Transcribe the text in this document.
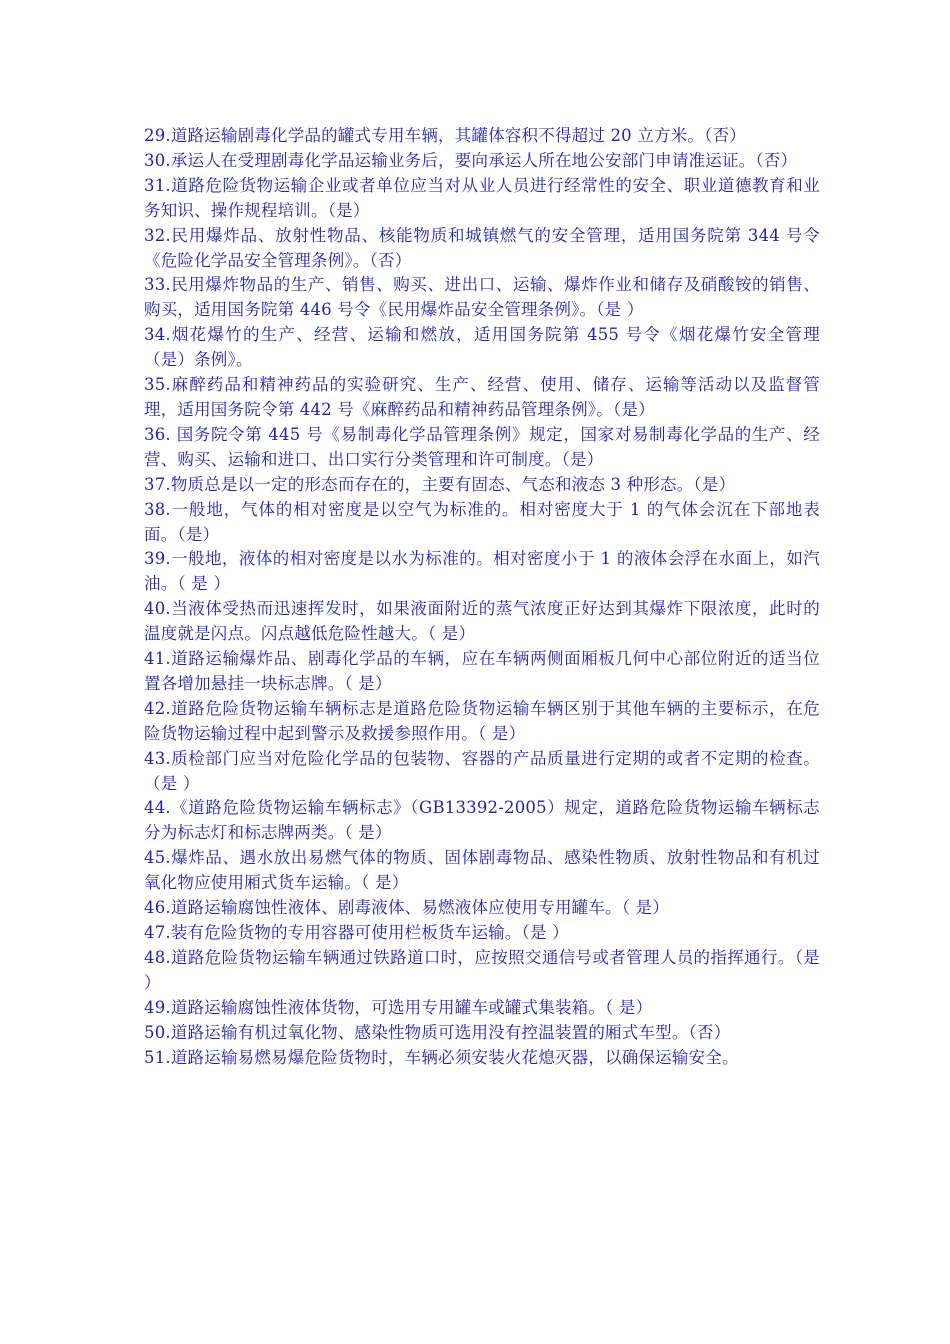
29.道路运输剧毒化学品的罐式专用车辆，其罐体容积不得超过 20 立方米。（否）

30.承运人在受理剧毒化学品运输业务后，要向承运人所在地公安部门申请准运证。（否）

31.道路危险货物运输企业或者单位应当对从业人员进行经常性的安全、职业道德教育和业务知识、操作规程培训。（是）

32.民用爆炸品、放射性物品、核能物质和城镇燃气的安全管理，适用国务院第 344 号令《危险化学品安全管理条例》。（否）

33.民用爆炸物品的生产、销售、购买、进出口、运输、爆炸作业和储存及硝酸铵的销售、购买，适用国务院第 446 号令《民用爆炸品安全管理条例》。（是 ）

34.烟花爆竹的生产、经营、运输和燃放，适用国务院第 455 号令《烟花爆竹安全管理（是）条例》。

35.麻醉药品和精神药品的实验研究、生产、经营、使用、储存、运输等活动以及监督管理，适用国务院令第 442 号《麻醉药品和精神药品管理条例》。（是）

36. 国务院令第 445 号《易制毒化学品管理条例》规定，国家对易制毒化学品的生产、经营、购买、运输和进口、出口实行分类管理和许可制度。（是）

37.物质总是以一定的形态而存在的，主要有固态、气态和液态 3 种形态。（是）

38.一般地，气体的相对密度是以空气为标准的。相对密度大于 1 的气体会沉在下部地表面。（是）

39.一般地，液体的相对密度是以水为标准的。相对密度小于 1 的液体会浮在水面上，如汽油。（ 是 ）

40.当液体受热而迅速挥发时，如果液面附近的蒸气浓度正好达到其爆炸下限浓度，此时的温度就是闪点。闪点越低危险性越大。（ 是）

41.道路运输爆炸品、剧毒化学品的车辆，应在车辆两侧面厢板几何中心部位附近的适当位置各增加悬挂一块标志牌。（ 是）

42.道路危险货物运输车辆标志是道路危险货物运输车辆区别于其他车辆的主要标示，在危险货物运输过程中起到警示及救援参照作用。（ 是）

43.质检部门应当对危险化学品的包装物、容器的产品质量进行定期的或者不定期的检查。（是 ）

44.《道路危险货物运输车辆标志》（GB13392-2005）规定，道路危险货物运输车辆标志分为标志灯和标志牌两类。（ 是）

45.爆炸品、遇水放出易燃气体的物质、固体剧毒物品、感染性物质、放射性物品和有机过氧化物应使用厢式货车运输。（ 是）

46.道路运输腐蚀性液体、剧毒液体、易燃液体应使用专用罐车。（ 是）

47.装有危险货物的专用容器可使用栏板货车运输。（是 ）

48.道路危险货物运输车辆通过铁路道口时，应按照交通信号或者管理人员的指挥通行。（是 ）

49.道路运输腐蚀性液体货物，可选用专用罐车或罐式集装箱。（ 是）

50.道路运输有机过氧化物、感染性物质可选用没有控温装置的厢式车型。（否）

51.道路运输易燃易爆危险货物时，车辆必须安装火花熄灭器，以确保运输安全。
